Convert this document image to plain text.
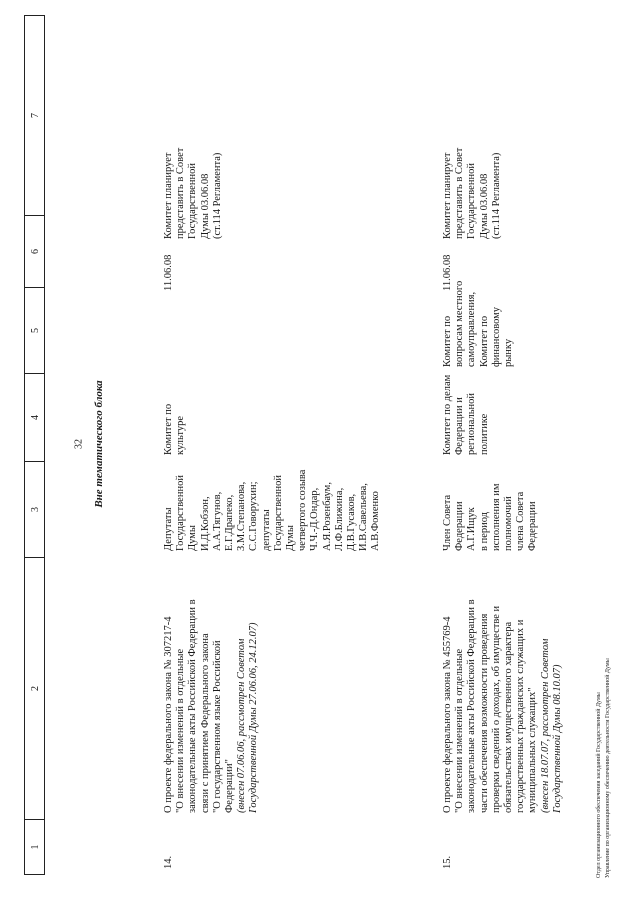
32 Вне тематического блока
1
2
3
4
5
6
7

14.

О проекте федерального закона № 307217-4 "О внесении изменений в отдельные законодательные акты Российской Федерации в связи с принятием Федерального закона "О государственном языке Российской Федерации" (внесен 07.06.06, рассмотрен Советом Государственной Думы 27.06.06, 24.12.07)

Депутаты Государственной Думы И.Д.Кобзон, А.А.Тягунов, Е.Г.Драпеко, З.М.Степанова, С.С.Говорухин; депутаты Государственной Думы четвертого созыва Ч.Ч.-Д.Ондар, А.Я.Розенбаум, Л.Ф.Ближина, Д.В.Гусаков, И.В.Савельева, А.В.Фоменко

Комитет по культуре

11.06.08

Комитет планирует представить в Совет Государственной Думы 03.06.08 (ст.114 Регламента)

15.

О проекте федерального закона № 455769-4 "О внесении изменений в отдельные законодательные акты Российской Федерации в части обеспечения возможности проведения проверки сведений о доходах, об имуществе и обязательствах имущественного характера государственных гражданских служащих и муниципальных служащих" (внесен 18.07.07, рассмотрен Советом Государственной Думы 08.10.07)

Член Совета Федерации А.Г.Ищук в период исполнения им полномочий члена Совета Федерации

Комитет по делам Федерации и региональной политике

Комитет по вопросам местного самоуправления, Комитет по финансовому рынку

11.06.08

Комитет планирует представить в Совет Государственной Думы 03.06.08 (ст.114 Регламента)

Отдел организационного обеспечения заседаний Государственной Думы Управление по организационному обеспечению деятельности Государственной Думы
